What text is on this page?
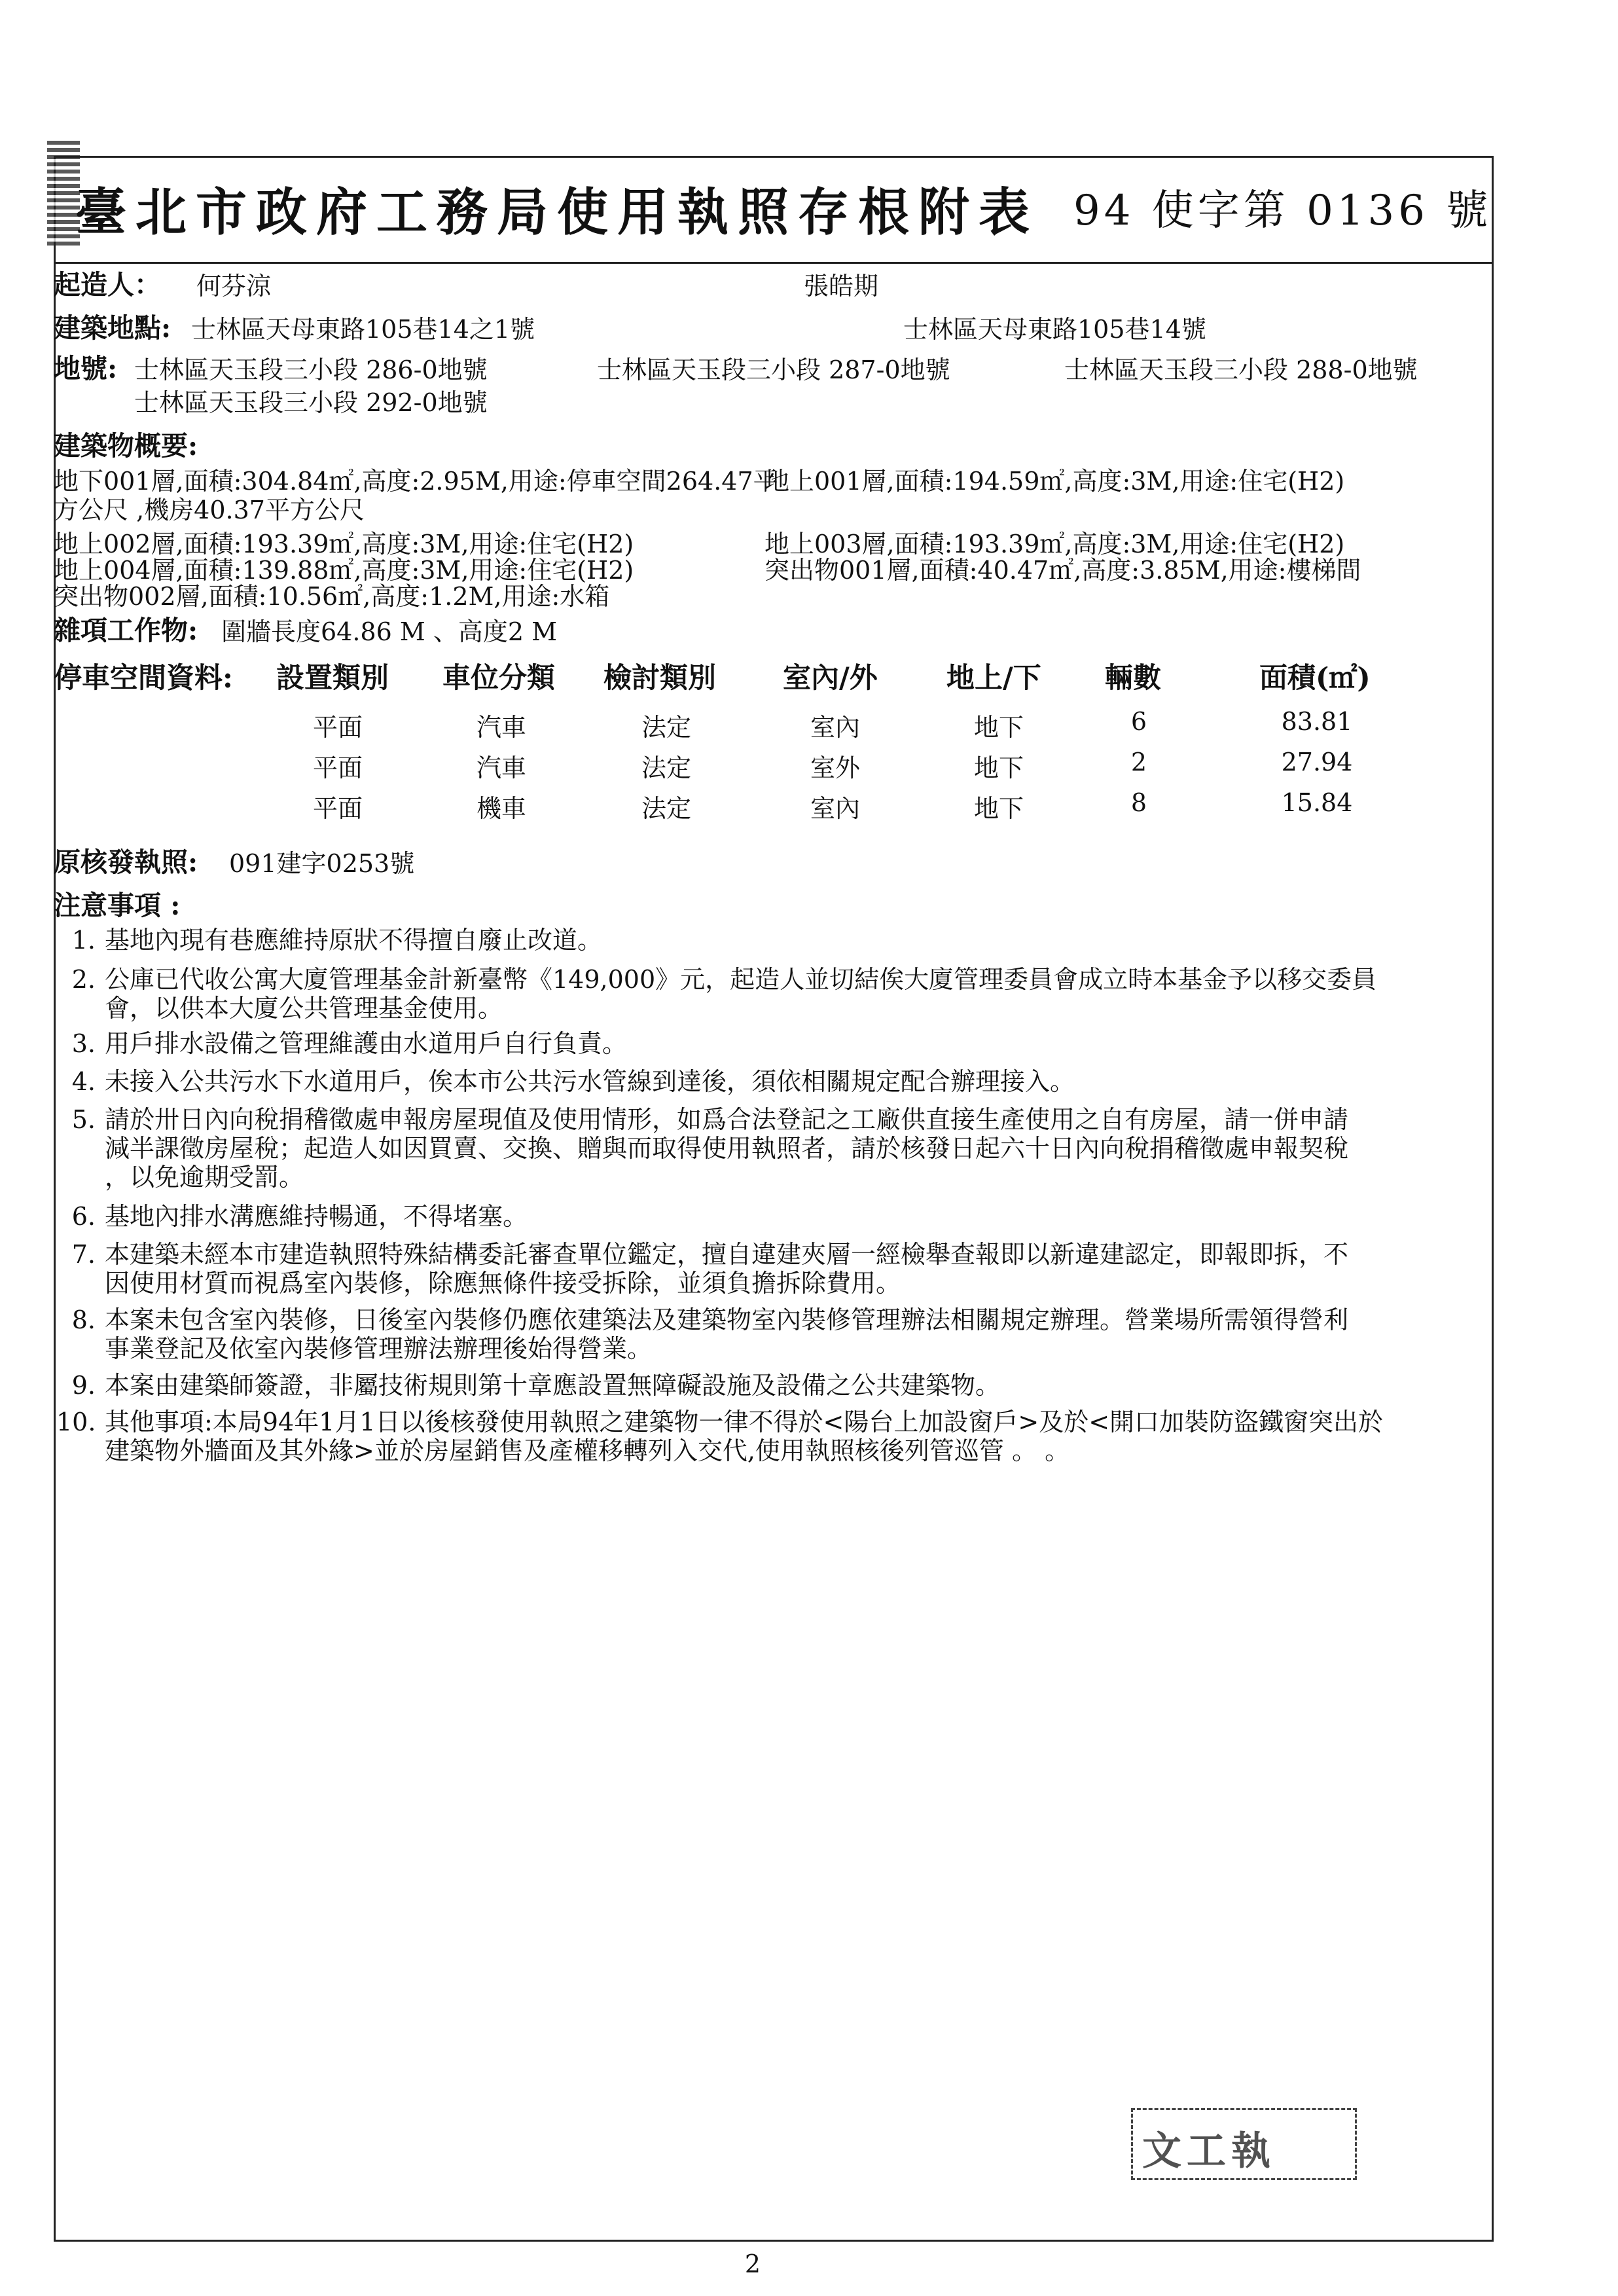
臺北市政府工務局使用執照存根附表 94 使字第 0136 號
起造人： 何芬涼	張皓期
建築地點: 士林區天母東路105巷14之1號	士林區天母東路105巷14號
地號: 士林區天玉段三小段 286-0地號	士林區天玉段三小段 287-0地號	士林區天玉段三小段 288-0地號
士林區天玉段三小段 292-0地號
建築物概要:
地下001層,面積:304.84㎡,高度:2.95M,用途:停車空間264.47平
地上001層,面積:194.59㎡,高度:3M,用途:住宅(H2)
方公尺 ,機房40.37平方公尺
地上002層,面積:193.39㎡,高度:3M,用途:住宅(H2)	地上003層,面積:193.39㎡,高度:3M,用途:住宅(H2)
地上004層,面積:139.88㎡,高度:3M,用途:住宅(H2)	突出物001層,面積:40.47㎡,高度:3.85M,用途:樓梯間
突出物002層,面積:10.56㎡,高度:1.2M,用途:水箱
雜項工作物: 圍牆長度64.86 M 、高度2 M
停車空間資料: 設置類別 車位分類 檢討類別 室內/外 地上/下 輛數	面積(㎡)
平面	汽車	法定	室內	地下	6	83.81
平面	汽車	法定	室外	地下	2	27.94
平面	機車	法定	室內	地下	8	15.84
原核發執照: 091建字0253號
注意事項 :
1. 基地內現有巷應維持原狀不得擅自廢止改道。
2. 公庫已代收公寓大廈管理基金計新臺幣《149,000》元，起造人並切結俟大廈管理委員會成立時本基金予以移交委員
會，以供本大廈公共管理基金使用。
3. 用戶排水設備之管理維護由水道用戶自行負責。
4. 未接入公共污水下水道用戶，俟本市公共污水管線到達後，須依相關規定配合辦理接入。
5. 請於卅日內向稅捐稽徵處申報房屋現值及使用情形，如爲合法登記之工廠供直接生產使用之自有房屋，請一併申請
減半課徵房屋稅；起造人如因買賣、交換、贈與而取得使用執照者，請於核發日起六十日內向稅捐稽徵處申報契稅
，以免逾期受罰。
6. 基地內排水溝應維持暢通，不得堵塞。
7. 本建築未經本市建造執照特殊結構委託審查單位鑑定，擅自違建夾層一經檢舉查報即以新違建認定，即報即拆，不
因使用材質而視爲室內裝修，除應無條件接受拆除，並須負擔拆除費用。
8. 本案未包含室內裝修，日後室內裝修仍應依建築法及建築物室內裝修管理辦法相關規定辦理。營業場所需領得營利
事業登記及依室內裝修管理辦法辦理後始得營業。
9. 本案由建築師簽證，非屬技術規則第十章應設置無障礙設施及設備之公共建築物。
10. 其他事項:本局94年1月1日以後核發使用執照之建築物一律不得於<陽台上加設窗戶>及於<開口加裝防盜鐵窗突出於
建築物外牆面及其外緣>並於房屋銷售及產權移轉列入交代,使用執照核後列管巡管 。 。
文工執
2
